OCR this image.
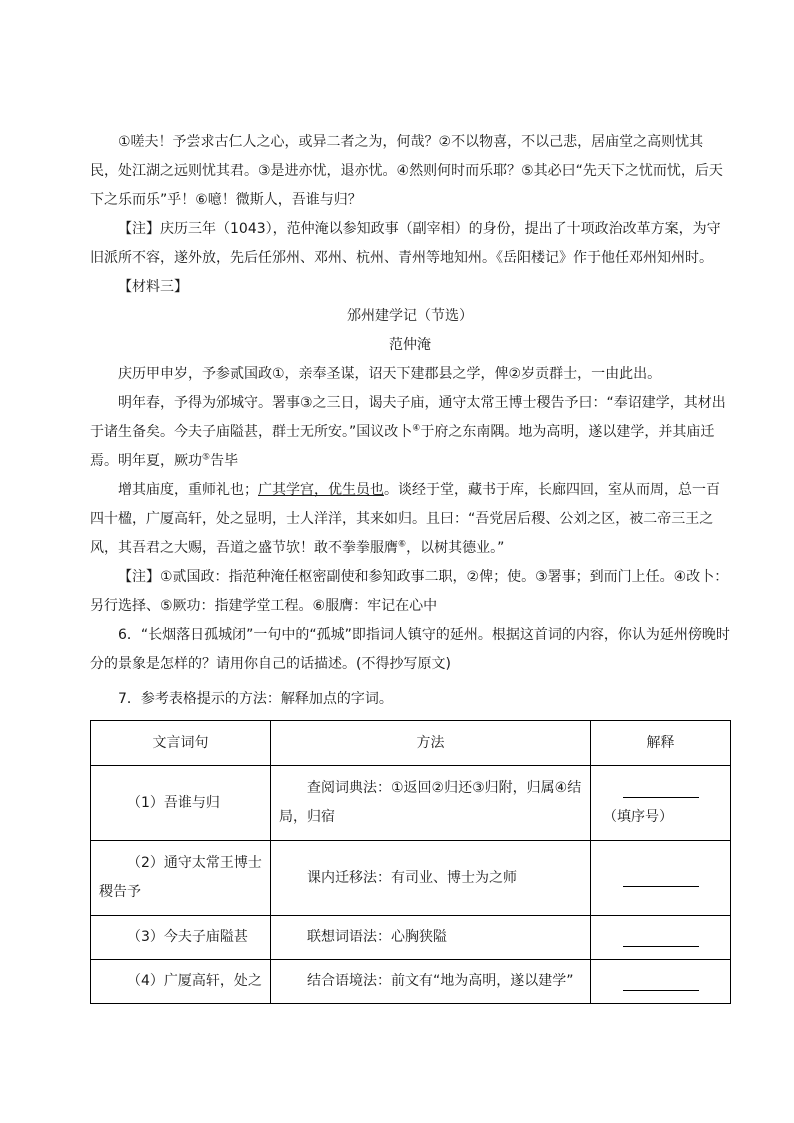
①嗟夫！予尝求古仁人之心，或异二者之为，何哉？②不以物喜，不以己悲，居庙堂之高则忧其民，处江湖之远则忧其君。③是进亦忧，退亦忧。④然则何时而乐耶？⑤其必曰“先天下之忧而忧，后天下之乐而乐”乎！⑥噫！微斯人，吾谁与归？

【注】庆历三年（1043），范仲淹以参知政事（副宰相）的身份，提出了十项政治改革方案，为守旧派所不容，遂外放，先后任邠州、邓州、杭州、青州等地知州。《岳阳楼记》作于他任邓州知州时。

【材料三】

邠州建学记（节选）

范仲淹

庆历甲申岁，予参贰国政①，亲奉圣谋，诏天下建郡县之学，俾②岁贡群士，一由此出。

明年春，予得为邠城守。署事③之三日，谒夫子庙，通守太常王博士稷告予曰：“奉诏建学，其材出于诸生备矣。今夫子庙隘甚，群士无所安。”国议改卜④于府之东南隅。地为高明，遂以建学，并其庙迁焉。明年夏，厥功⑤告毕

增其庙度，重师礼也；广其学宫，优生员也。谈经于堂，藏书于库，长廊四回，室从而周，总一百四十楹，广厦高轩，处之显明，士人洋洋，其来如归。且曰：“吾党居后稷、公刘之区，被二帝三王之风，其吾君之大赐，吾道之盛节欤！敢不拳拳服膺⑥，以树其德业。”

【注】①贰国政：指范种淹任枢密副使和参知政事二职，②俾；使。③署事；到而门上任。④改卜：另行选择、⑤厥功：指建学堂工程。⑥服膺：牢记在心中

6．“长烟落日孤城闭”一句中的“孤城”即指词人镇守的延州。根据这首词的内容，你认为延州傍晚时分的景象是怎样的？请用你自己的话描述。(不得抄写原文)

7．参考表格提示的方法：解释加点的字词。

文言词句	方法	解释

（1）吾谁与归	查阅词典法：①返回②归还③归附，归属④结局，归宿	（填序号）

（2）通守太常王博士稷告予	课内迁移法：有司业、博士为之师	

（3）今夫子庙隘甚	联想词语法：心胸狭隘	

（4）广厦高轩，处之	结合语境法：前文有“地为高明，遂以建学”	
